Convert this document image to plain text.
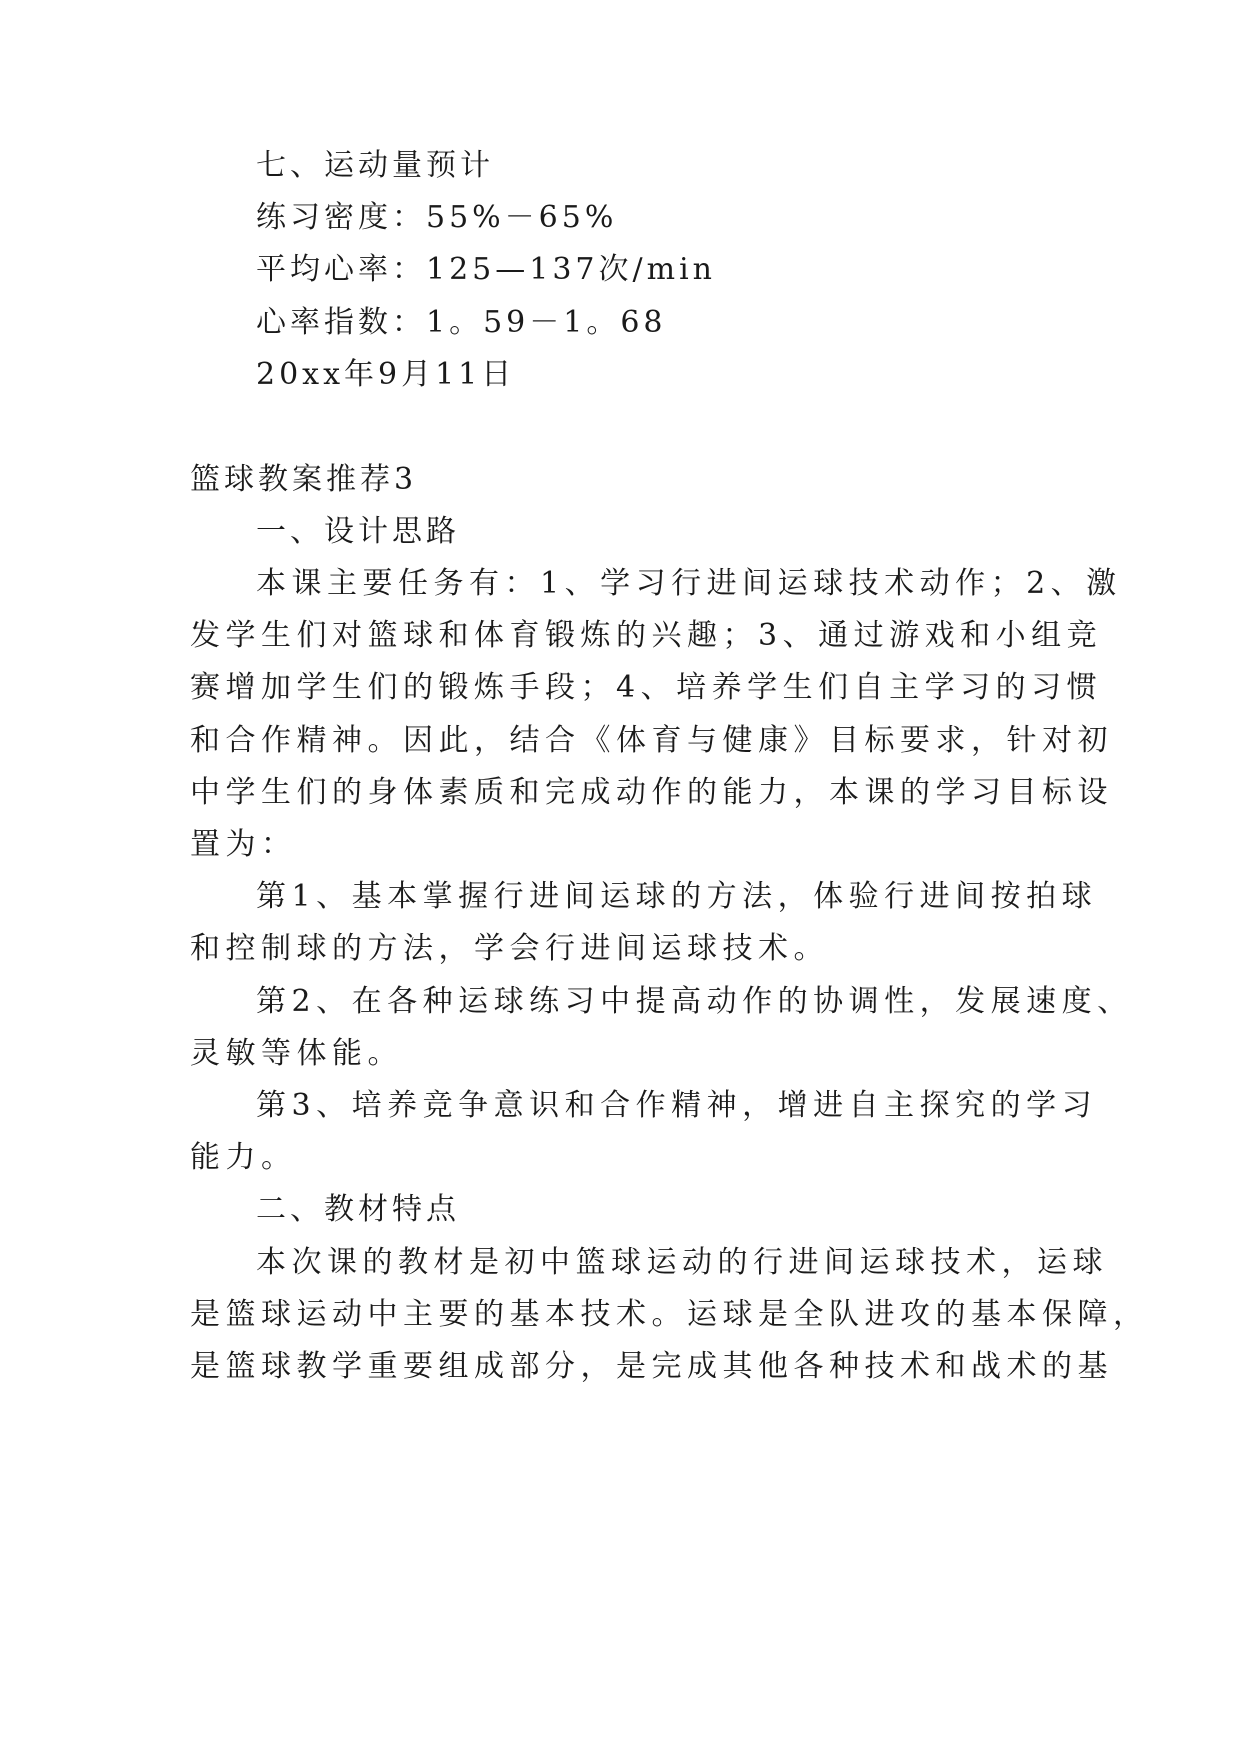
七、运动量预计
练习密度：55%－65%
平均心率：125—137次/min
心率指数：1。59－1。68
20xx年9月11日
篮球教案推荐3
一、设计思路
本课主要任务有：1、学习行进间运球技术动作；2、激
发学生们对篮球和体育锻炼的兴趣；3、通过游戏和小组竞
赛增加学生们的锻炼手段；4、培养学生们自主学习的习惯
和合作精神。因此，结合《体育与健康》目标要求，针对初
中学生们的身体素质和完成动作的能力，本课的学习目标设
置为：
第1、基本掌握行进间运球的方法，体验行进间按拍球
和控制球的方法，学会行进间运球技术。
第2、在各种运球练习中提高动作的协调性，发展速度、
灵敏等体能。
第3、培养竞争意识和合作精神，增进自主探究的学习
能力。
二、教材特点
本次课的教材是初中篮球运动的行进间运球技术，运球
是篮球运动中主要的基本技术。运球是全队进攻的基本保障，
是篮球教学重要组成部分，是完成其他各种技术和战术的基
